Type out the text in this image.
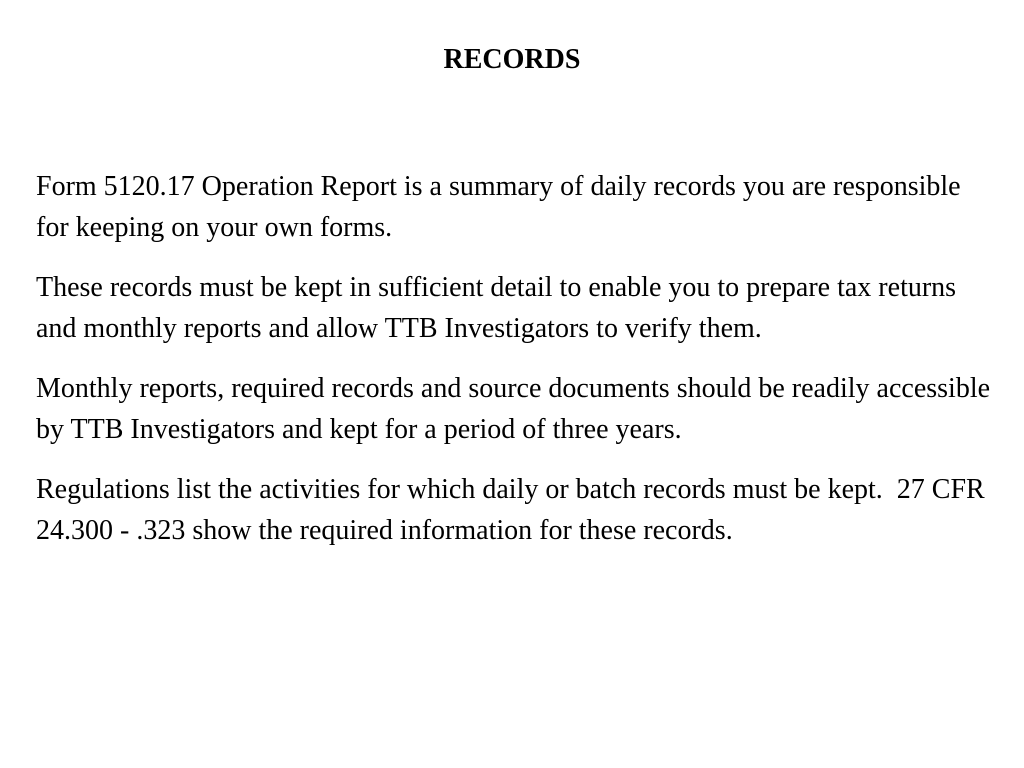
RECORDS

Form 5120.17 Operation Report is a summary of daily records you are responsible for keeping on your own forms.

These records must be kept in sufficient detail to enable you to prepare tax returns and monthly reports and allow TTB Investigators to verify them.

Monthly reports, required records and source documents should be readily accessible by TTB Investigators and kept for a period of three years.

Regulations list the activities for which daily or batch records must be kept.  27 CFR 24.300 - .323 show the required information for these records.
